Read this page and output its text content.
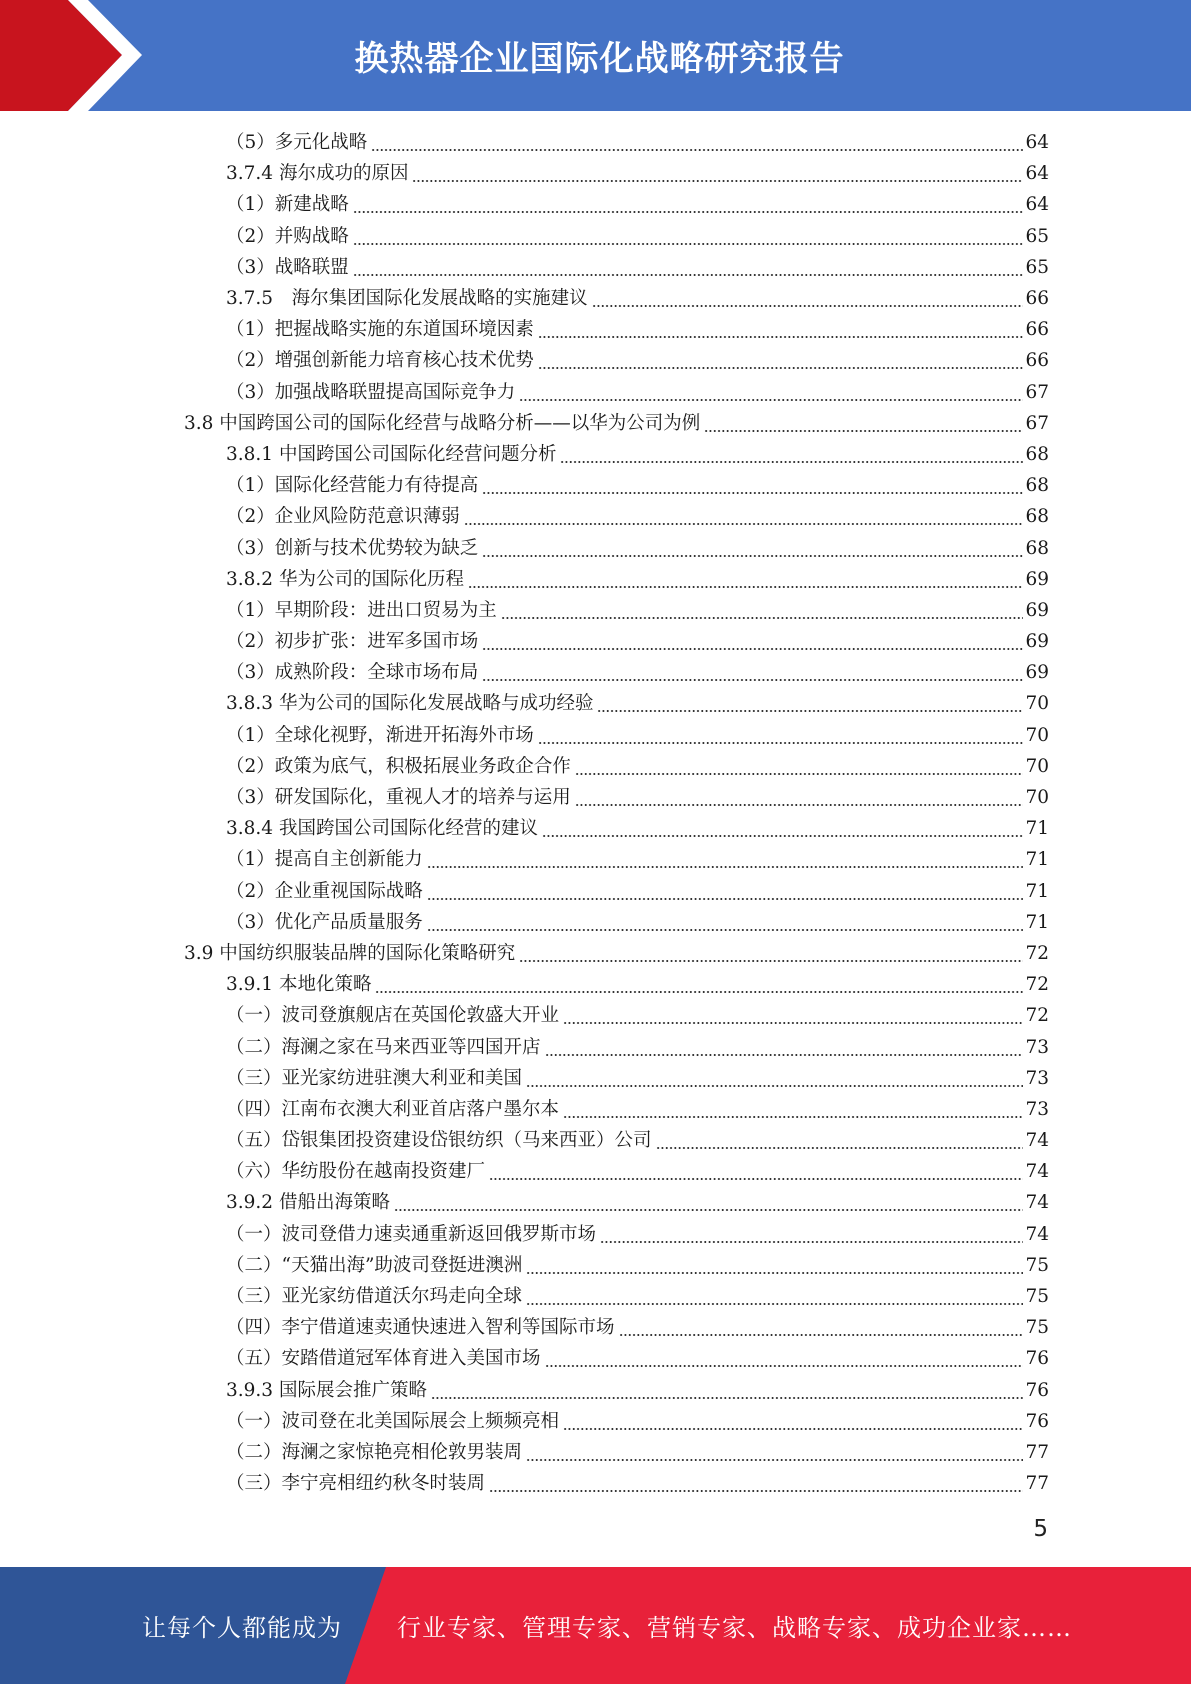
换热器企业国际化战略研究报告
（5）多元化战略	64
3.7.4 海尔成功的原因	64
（1）新建战略	64
（2）并购战略	65
（3）战略联盟	65
3.7.5　海尔集团国际化发展战略的实施建议	66
（1）把握战略实施的东道国环境因素	66
（2）增强创新能力培育核心技术优势	66
（3）加强战略联盟提高国际竞争力	67
3.8 中国跨国公司的国际化经营与战略分析——以华为公司为例	67
3.8.1 中国跨国公司国际化经营问题分析	68
（1）国际化经营能力有待提高	68
（2）企业风险防范意识薄弱	68
（3）创新与技术优势较为缺乏	68
3.8.2 华为公司的国际化历程	69
（1）早期阶段：进出口贸易为主	69
（2）初步扩张：进军多国市场	69
（3）成熟阶段：全球市场布局	69
3.8.3 华为公司的国际化发展战略与成功经验	70
（1）全球化视野，渐进开拓海外市场	70
（2）政策为底气，积极拓展业务政企合作	70
（3）研发国际化，重视人才的培养与运用	70
3.8.4 我国跨国公司国际化经营的建议	71
（1）提高自主创新能力	71
（2）企业重视国际战略	71
（3）优化产品质量服务	71
3.9 中国纺织服装品牌的国际化策略研究	72
3.9.1 本地化策略	72
（一）波司登旗舰店在英国伦敦盛大开业	72
（二）海澜之家在马来西亚等四国开店	73
（三）亚光家纺进驻澳大利亚和美国	73
（四）江南布衣澳大利亚首店落户墨尔本	73
（五）岱银集团投资建设岱银纺织（马来西亚）公司	74
（六）华纺股份在越南投资建厂	74
3.9.2 借船出海策略	74
（一）波司登借力速卖通重新返回俄罗斯市场	74
（二）“天猫出海”助波司登挺进澳洲	75
（三）亚光家纺借道沃尔玛走向全球	75
（四）李宁借道速卖通快速进入智利等国际市场	75
（五）安踏借道冠军体育进入美国市场	76
3.9.3 国际展会推广策略	76
（一）波司登在北美国际展会上频频亮相	76
（二）海澜之家惊艳亮相伦敦男装周	77
（三）李宁亮相纽约秋冬时装周	77
5
让每个人都能成为 行业专家、管理专家、营销专家、战略专家、成功企业家……
